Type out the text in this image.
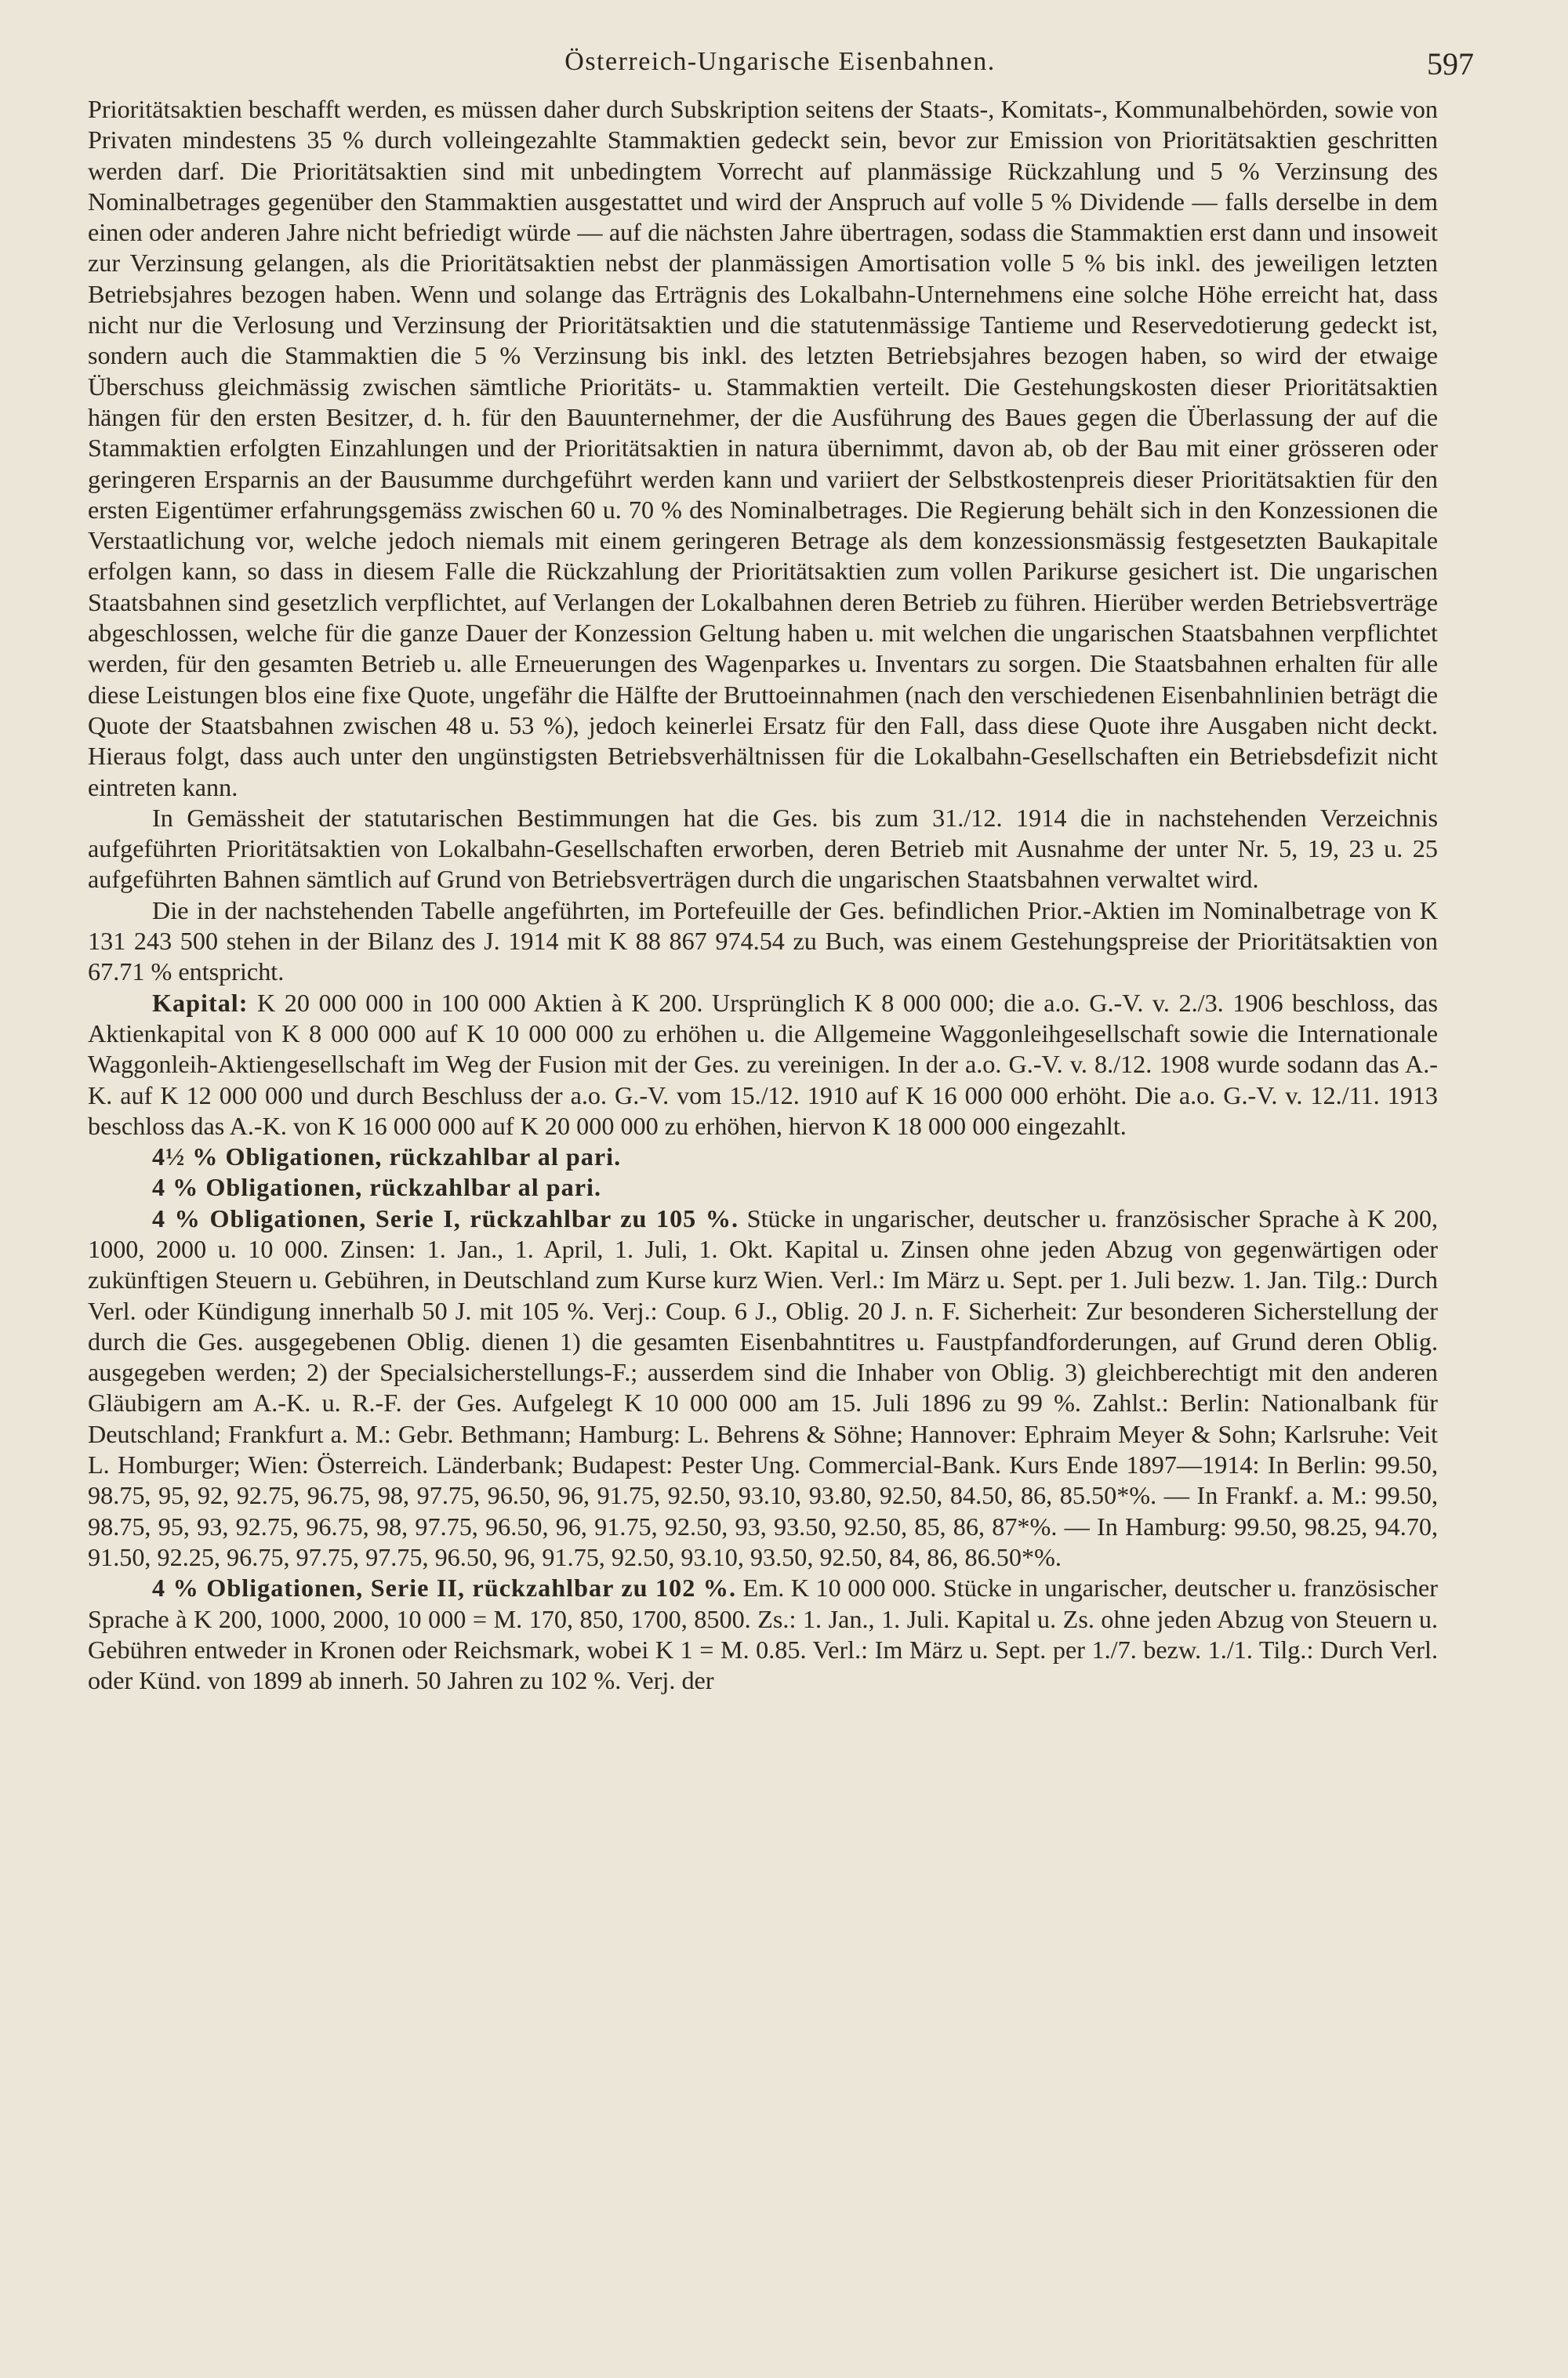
Österreich-Ungarische Eisenbahnen.	597

Prioritätsaktien beschafft werden, es müssen daher durch Subskription seitens der Staats-, Komitats-, Kommunalbehörden, sowie von Privaten mindestens 35 % durch volleingezahlte Stammaktien gedeckt sein, bevor zur Emission von Prioritätsaktien geschritten werden darf. Die Prioritätsaktien sind mit unbedingtem Vorrecht auf planmässige Rückzahlung und 5 % Verzinsung des Nominalbetrages gegenüber den Stammaktien ausgestattet und wird der Anspruch auf volle 5 % Dividende — falls derselbe in dem einen oder anderen Jahre nicht befriedigt würde — auf die nächsten Jahre übertragen, sodass die Stammaktien erst dann und insoweit zur Verzinsung gelangen, als die Prioritätsaktien nebst der planmässigen Amortisation volle 5 % bis inkl. des jeweiligen letzten Betriebsjahres bezogen haben. Wenn und solange das Erträgnis des Lokalbahn-Unternehmens eine solche Höhe erreicht hat, dass nicht nur die Verlosung und Verzinsung der Prioritätsaktien und die statutenmässige Tantieme und Reservedotierung gedeckt ist, sondern auch die Stammaktien die 5 % Verzinsung bis inkl. des letzten Betriebsjahres bezogen haben, so wird der etwaige Überschuss gleichmässig zwischen sämtliche Prioritäts- u. Stammaktien verteilt. Die Gestehungskosten dieser Prioritätsaktien hängen für den ersten Besitzer, d. h. für den Bauunternehmer, der die Ausführung des Baues gegen die Überlassung der auf die Stammaktien erfolgten Einzahlungen und der Prioritätsaktien in natura übernimmt, davon ab, ob der Bau mit einer grösseren oder geringeren Ersparnis an der Bausumme durchgeführt werden kann und variiert der Selbstkostenpreis dieser Prioritätsaktien für den ersten Eigentümer erfahrungsgemäss zwischen 60 u. 70 % des Nominalbetrages. Die Regierung behält sich in den Konzessionen die Verstaatlichung vor, welche jedoch niemals mit einem geringeren Betrage als dem konzessionsmässig festgesetzten Baukapitale erfolgen kann, so dass in diesem Falle die Rückzahlung der Prioritätsaktien zum vollen Parikurse gesichert ist. Die ungarischen Staatsbahnen sind gesetzlich verpflichtet, auf Verlangen der Lokalbahnen deren Betrieb zu führen. Hierüber werden Betriebsverträge abgeschlossen, welche für die ganze Dauer der Konzession Geltung haben u. mit welchen die ungarischen Staatsbahnen verpflichtet werden, für den gesamten Betrieb u. alle Erneuerungen des Wagenparkes u. Inventars zu sorgen. Die Staatsbahnen erhalten für alle diese Leistungen blos eine fixe Quote, ungefähr die Hälfte der Bruttoeinnahmen (nach den verschiedenen Eisenbahnlinien beträgt die Quote der Staatsbahnen zwischen 48 u. 53 %), jedoch keinerlei Ersatz für den Fall, dass diese Quote ihre Ausgaben nicht deckt. Hieraus folgt, dass auch unter den ungünstigsten Betriebsverhältnissen für die Lokalbahn-Gesellschaften ein Betriebsdefizit nicht eintreten kann.

In Gemässheit der statutarischen Bestimmungen hat die Ges. bis zum 31./12. 1914 die in nachstehenden Verzeichnis aufgeführten Prioritätsaktien von Lokalbahn-Gesellschaften erworben, deren Betrieb mit Ausnahme der unter Nr. 5, 19, 23 u. 25 aufgeführten Bahnen sämtlich auf Grund von Betriebsverträgen durch die ungarischen Staatsbahnen verwaltet wird.

Die in der nachstehenden Tabelle angeführten, im Portefeuille der Ges. befindlichen Prior.-Aktien im Nominalbetrage von K 131 243 500 stehen in der Bilanz des J. 1914 mit K 88 867 974.54 zu Buch, was einem Gestehungspreise der Prioritätsaktien von 67.71 % entspricht.

Kapital: K 20 000 000 in 100 000 Aktien à K 200. Ursprünglich K 8 000 000; die a.o. G.-V. v. 2./3. 1906 beschloss, das Aktienkapital von K 8 000 000 auf K 10 000 000 zu erhöhen u. die Allgemeine Waggonleihgesellschaft sowie die Internationale Waggonleih-Aktiengesellschaft im Weg der Fusion mit der Ges. zu vereinigen. In der a.o. G.-V. v. 8./12. 1908 wurde sodann das A.-K. auf K 12 000 000 und durch Beschluss der a.o. G.-V. vom 15./12. 1910 auf K 16 000 000 erhöht. Die a.o. G.-V. v. 12./11. 1913 beschloss das A.-K. von K 16 000 000 auf K 20 000 000 zu erhöhen, hiervon K 18 000 000 eingezahlt.

4½ % Obligationen, rückzahlbar al pari.

4 % Obligationen, rückzahlbar al pari.

4 % Obligationen, Serie I, rückzahlbar zu 105 %. Stücke in ungarischer, deutscher u. französischer Sprache à K 200, 1000, 2000 u. 10 000. Zinsen: 1. Jan., 1. April, 1. Juli, 1. Okt. Kapital u. Zinsen ohne jeden Abzug von gegenwärtigen oder zukünftigen Steuern u. Gebühren, in Deutschland zum Kurse kurz Wien. Verl.: Im März u. Sept. per 1. Juli bezw. 1. Jan. Tilg.: Durch Verl. oder Kündigung innerhalb 50 J. mit 105 %. Verj.: Coup. 6 J., Oblig. 20 J. n. F. Sicherheit: Zur besonderen Sicherstellung der durch die Ges. ausgegebenen Oblig. dienen 1) die gesamten Eisenbahntitres u. Faustpfandforderungen, auf Grund deren Oblig. ausgegeben werden; 2) der Specialsicherstellungs-F.; ausserdem sind die Inhaber von Oblig. 3) gleichberechtigt mit den anderen Gläubigern am A.-K. u. R.-F. der Ges. Aufgelegt K 10 000 000 am 15. Juli 1896 zu 99 %. Zahlst.: Berlin: Nationalbank für Deutschland; Frankfurt a. M.: Gebr. Bethmann; Hamburg: L. Behrens & Söhne; Hannover: Ephraim Meyer & Sohn; Karlsruhe: Veit L. Homburger; Wien: Österreich. Länderbank; Budapest: Pester Ung. Commercial-Bank. Kurs Ende 1897—1914: In Berlin: 99.50, 98.75, 95, 92, 92.75, 96.75, 98, 97.75, 96.50, 96, 91.75, 92.50, 93.10, 93.80, 92.50, 84.50, 86, 85.50*%. — In Frankf. a. M.: 99.50, 98.75, 95, 93, 92.75, 96.75, 98, 97.75, 96.50, 96, 91.75, 92.50, 93, 93.50, 92.50, 85, 86, 87*%. — In Hamburg: 99.50, 98.25, 94.70, 91.50, 92.25, 96.75, 97.75, 97.75, 96.50, 96, 91.75, 92.50, 93.10, 93.50, 92.50, 84, 86, 86.50*%.

4 % Obligationen, Serie II, rückzahlbar zu 102 %. Em. K 10 000 000. Stücke in ungarischer, deutscher u. französischer Sprache à K 200, 1000, 2000, 10 000 = M. 170, 850, 1700, 8500. Zs.: 1. Jan., 1. Juli. Kapital u. Zs. ohne jeden Abzug von Steuern u. Gebühren entweder in Kronen oder Reichsmark, wobei K 1 = M. 0.85. Verl.: Im März u. Sept. per 1./7. bezw. 1./1. Tilg.: Durch Verl. oder Künd. von 1899 ab innerh. 50 Jahren zu 102 %. Verj. der
